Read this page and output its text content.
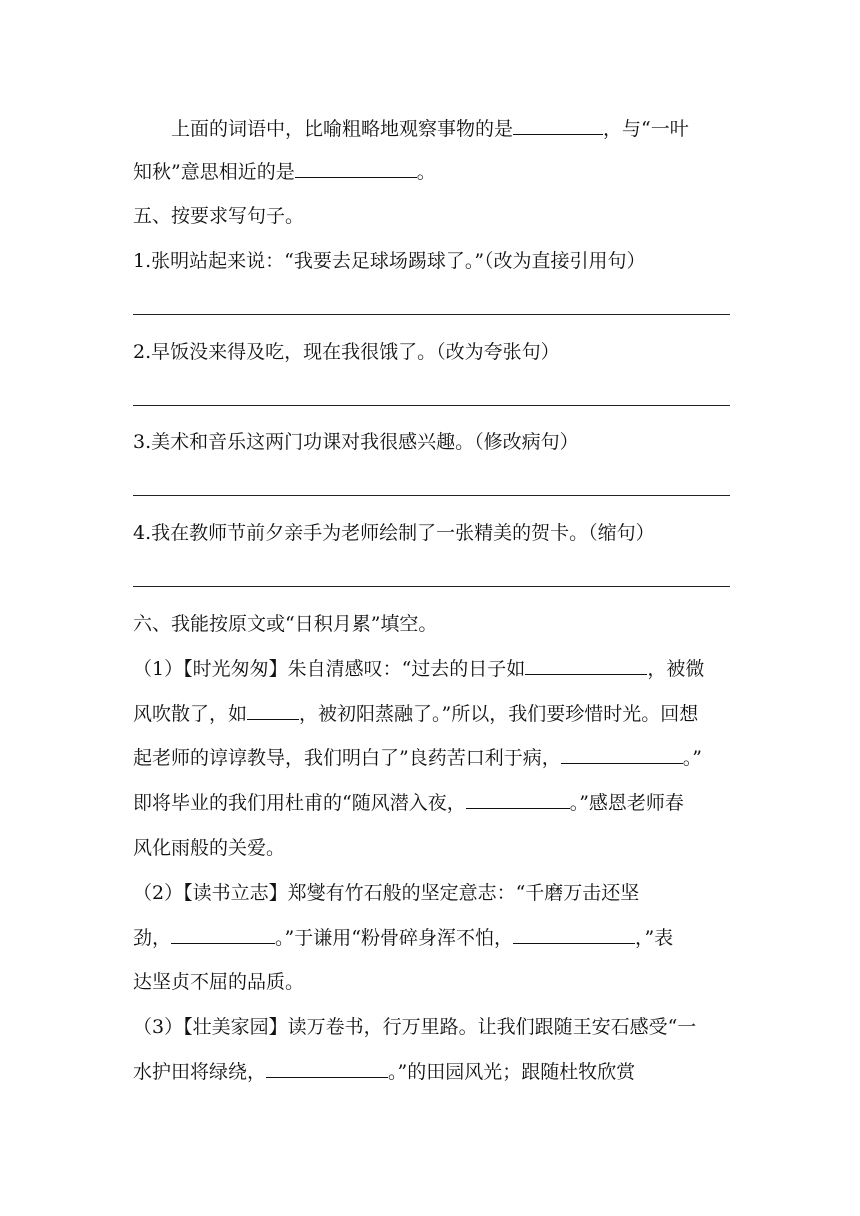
上面的词语中，比喻粗略地观察事物的是	，与“一叶
知秋”意思相近的是	。
五、按要求写句子。
1.张明站起来说：“我要去足球场踢球了。”（改为直接引用句）
2.早饭没来得及吃，现在我很饿了。（改为夸张句）
3.美术和音乐这两门功课对我很感兴趣。（修改病句）
4.我在教师节前夕亲手为老师绘制了一张精美的贺卡。（缩句）
六、我能按原文或“日积月累”填空。
（1）【时光匆匆】朱自清感叹：“过去的日子如	，被微
风吹散了，如	，被初阳蒸融了。”所以，我们要珍惜时光。回想
起老师的谆谆教导，我们明白了”良药苦口利于病，	。”
即将毕业的我们用杜甫的“随风潜入夜，	。”感恩老师春
风化雨般的关爱。
（2）【读书立志】郑燮有竹石般的坚定意志：“千磨万击还坚
劲，	。”于谦用“粉骨碎身浑不怕，	，”表
达坚贞不屈的品质。
（3）【壮美家园】读万卷书，行万里路。让我们跟随王安石感受“一
水护田将绿绕，	。”的田园风光；跟随杜牧欣赏
